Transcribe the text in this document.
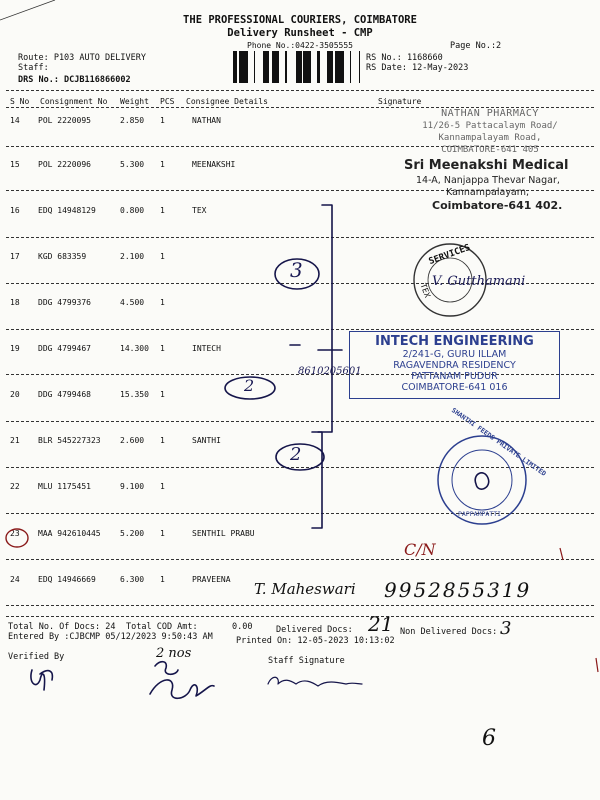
THE PROFESSIONAL COURIERS, COIMBATORE
Delivery Runsheet - CMP
Phone No.:0422-3505555	Page No.:2
Route: P103 AUTO DELIVERY
Staff:
DRS No.: DCJB116866002
RS No.: 1168660
RS Date: 12-May-2023
S No Consignment No Weight PCS Consignee Details	Signature
14 POL 2220095	2.850 1	NATHAN
15 POL 2220096	5.300 1	MEENAKSHI
16 EDQ 14948129	0.800 1	TEX
17 KGD 683359	2.100 1
18 DDG 4799376	4.500 1
19 DDG 4799467	14.300 1	INTECH
20 DDG 4799468	15.350 1
21 BLR 545227323 2.600 1	SANTHI
22 MLU 1175451	9.100 1
23 MAA 942610445 5.200 1	SENTHIL PRABU
24 EDQ 14946669	6.300 1	PRAVEENA
NATHAN PHARMACY
11/26-5 Pattacalaym Road/
Kannampalayam Road,
COIMBATORE-641 405
Sri Meenakshi Medical
14-A, Nanjappa Thevar Nagar,
Kannampalayam,
Coimbatore-641 402.
SERVICES
TEX
V. Gutthamani
INTECH ENGINEERING
2/241-G, GURU ILLAM
RAGAVENDRA RESIDENCY
PATTANAM PUDUR
COIMBATORE-641 016
8610205601
SHANTHI FEEDS PRIVATE LIMITED
PAPPAMPATTI
3
2
2
C/N
T. Maheswari 9952855319
Total No. Of Docs: 24 Total COD Amt:	0.00	Delivered Docs: 21 Non Delivered Docs: 3
Entered By :CJBCMP 05/12/2023 9:50:43 AM	Printed On: 12-05-2023 10:13:02
Verified By	Staff Signature
2 nos
6
